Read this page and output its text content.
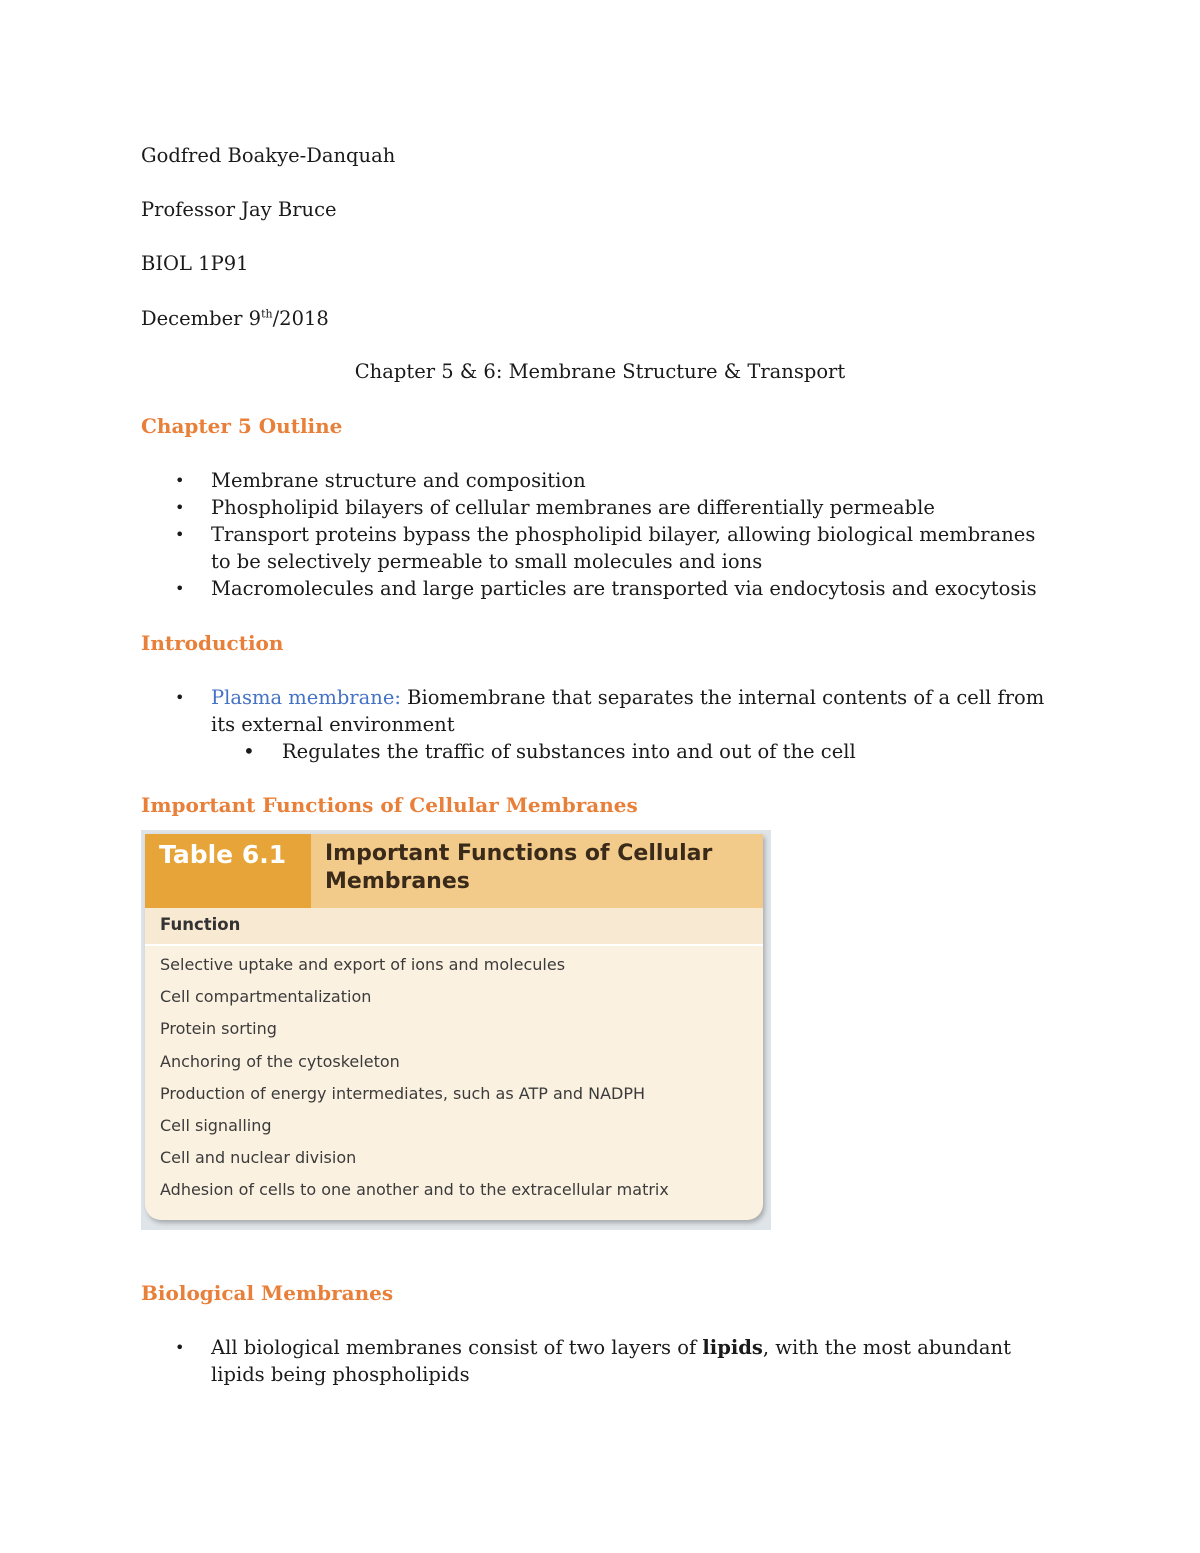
Godfred Boakye-Danquah
Professor Jay Bruce
BIOL 1P91
December 9th/2018
Chapter 5 & 6: Membrane Structure & Transport
Chapter 5 Outline
• Membrane structure and composition
• Phospholipid bilayers of cellular membranes are differentially permeable
• Transport proteins bypass the phospholipid bilayer, allowing biological membranes to be selectively permeable to small molecules and ions
• Macromolecules and large particles are transported via endocytosis and exocytosis
Introduction
• Plasma membrane: Biomembrane that separates the internal contents of a cell from its external environment
• Regulates the traffic of substances into and out of the cell
Important Functions of Cellular Membranes
Table 6.1 Important Functions of Cellular Membranes
Function
Selective uptake and export of ions and molecules
Cell compartmentalization
Protein sorting
Anchoring of the cytoskeleton
Production of energy intermediates, such as ATP and NADPH
Cell signalling
Cell and nuclear division
Adhesion of cells to one another and to the extracellular matrix
Biological Membranes
• All biological membranes consist of two layers of lipids, with the most abundant lipids being phospholipids
